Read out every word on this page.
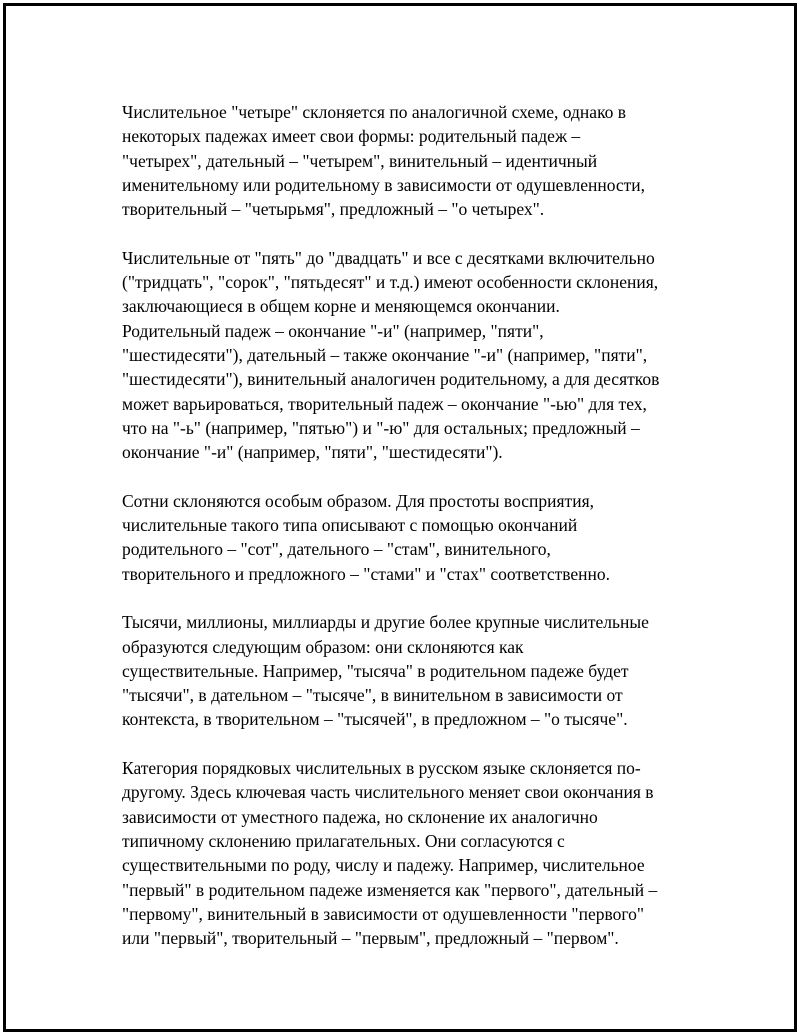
Числительное "четыре" склоняется по аналогичной схеме, однако в
некоторых падежах имеет свои формы: родительный падеж –
"четырех", дательный – "четырем", винительный – идентичный
именительному или родительному в зависимости от одушевленности,
творительный – "четырьмя", предложный – "о четырех".

Числительные от "пять" до "двадцать" и все с десятками включительно
("тридцать", "сорок", "пятьдесят" и т.д.) имеют особенности склонения,
заключающиеся в общем корне и меняющемся окончании.
Родительный падеж – окончание "-и" (например, "пяти",
"шестидесяти"), дательный – также окончание "-и" (например, "пяти",
"шестидесяти"), винительный аналогичен родительному, а для десятков
может варьироваться, творительный падеж – окончание "-ью" для тех,
что на "-ь" (например, "пятью") и "-ю" для остальных; предложный –
окончание "-и" (например, "пяти", "шестидесяти").

Сотни склоняются особым образом. Для простоты восприятия,
числительные такого типа описывают с помощью окончаний
родительного – "сот", дательного – "стам", винительного,
творительного и предложного – "стами" и "стах" соответственно.

Тысячи, миллионы, миллиарды и другие более крупные числительные
образуются следующим образом: они склоняются как
существительные. Например, "тысяча" в родительном падеже будет
"тысячи", в дательном – "тысяче", в винительном в зависимости от
контекста, в творительном – "тысячей", в предложном – "о тысяче".

Категория порядковых числительных в русском языке склоняется по-
другому. Здесь ключевая часть числительного меняет свои окончания в
зависимости от уместного падежа, но склонение их аналогично
типичному склонению прилагательных. Они согласуются с
существительными по роду, числу и падежу. Например, числительное
"первый" в родительном падеже изменяется как "первого", дательный –
"первому", винительный в зависимости от одушевленности "первого"
или "первый", творительный – "первым", предложный – "первом".
